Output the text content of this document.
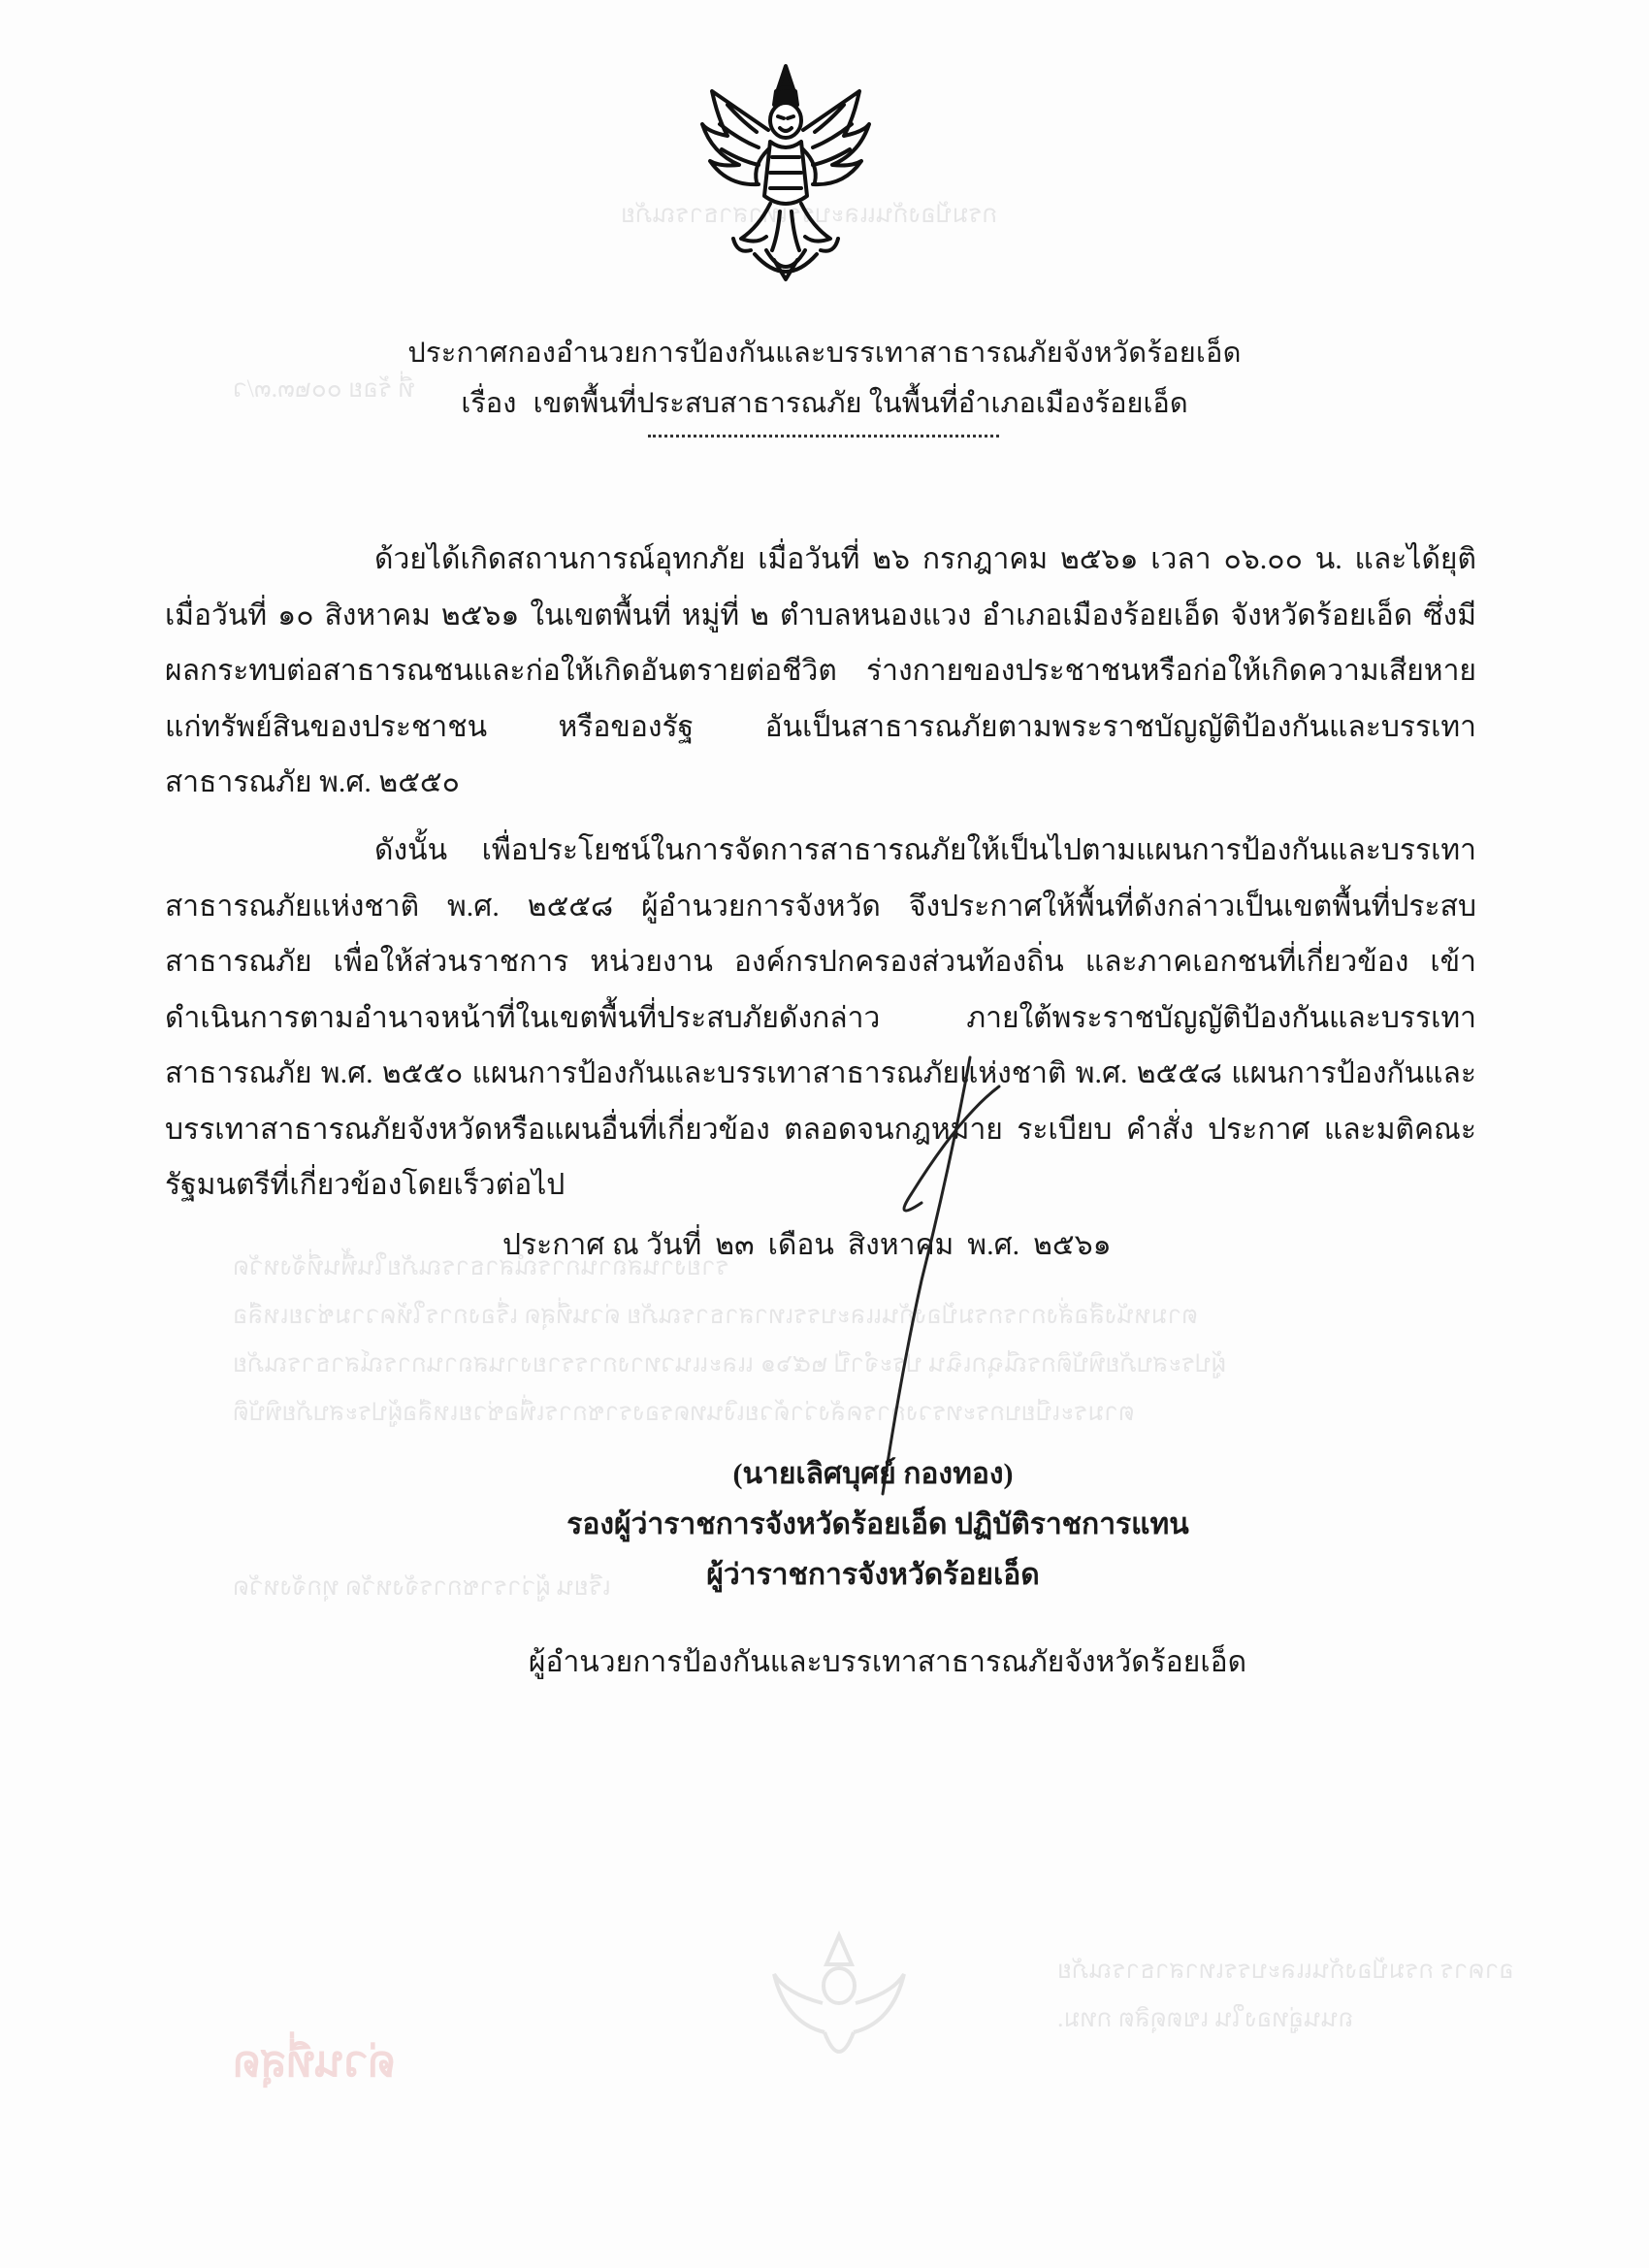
กรมป้องกันและบรรเทาสาธารณภัย
ที่ ร้อย ๐๐๒๓.๓/ว
รายงานสถานการณ์สาธารณภัยในพื้นที่จังหวัด
ตามหนังสือสั่งการกรมป้องกันและบรรเทาสาธารณภัย ด่วนที่สุด เรื่องการให้ความช่วยเหลือ
ผู้ประสบภัยพิบัติกรณีฉุกเฉิน ประจำปี ๒๕๖๑ และแนวทางการรายงานสถานการณ์สาธารณภัย
ตามระเบียบกระทรวงการคลังว่าด้วยเงินทดรองราชการเพื่อช่วยเหลือผู้ประสบภัยพิบัติ
เรียน ผู้ว่าราชการจังหวัด ทุกจังหวัด
อาคาร กรมป้องกันและบรรเทาสาธารณภัย
ถนนอู่ทองใน เขตดุสิต กทม.
ด่วนที่สุด
ประกาศกองอำนวยการป้องกันและบรรเทาสาธารณภัยจังหวัดร้อยเอ็ด
เรื่อง เขตพื้นที่ประสบสาธารณภัย ในพื้นที่อำเภอเมืองร้อยเอ็ด
ด้วยได้เกิดสถานการณ์อุทกภัย เมื่อวันที่ ๒๖ กรกฎาคม ๒๕๖๑ เวลา ๐๖.๐๐ น. และได้ยุติเมื่อวันที่ ๑๐ สิงหาคม ๒๕๖๑ ในเขตพื้นที่ หมู่ที่ ๒ ตำบลหนองแวง อำเภอเมืองร้อยเอ็ด จังหวัดร้อยเอ็ด ซึ่งมีผลกระทบต่อสาธารณชนและก่อให้เกิดอันตรายต่อชีวิต ร่างกายของประชาชนหรือก่อให้เกิดความเสียหายแก่ทรัพย์สินของประชาชน หรือของรัฐ อันเป็นสาธารณภัยตามพระราชบัญญัติป้องกันและบรรเทาสาธารณภัย พ.ศ. ๒๕๕๐
ดังนั้น เพื่อประโยชน์ในการจัดการสาธารณภัยให้เป็นไปตามแผนการป้องกันและบรรเทาสาธารณภัยแห่งชาติ พ.ศ. ๒๕๕๘ ผู้อำนวยการจังหวัด จึงประกาศให้พื้นที่ดังกล่าวเป็นเขตพื้นที่ประสบสาธารณภัย เพื่อให้ส่วนราชการ หน่วยงาน องค์กรปกครองส่วนท้องถิ่น และภาคเอกชนที่เกี่ยวข้อง เข้าดำเนินการตามอำนาจหน้าที่ในเขตพื้นที่ประสบภัยดังกล่าว ภายใต้พระราชบัญญัติป้องกันและบรรเทาสาธารณภัย พ.ศ. ๒๕๕๐ แผนการป้องกันและบรรเทาสาธารณภัยแห่งชาติ พ.ศ. ๒๕๕๘ แผนการป้องกันและบรรเทาสาธารณภัยจังหวัดหรือแผนอื่นที่เกี่ยวข้อง ตลอดจนกฎหมาย ระเบียบ คำสั่ง ประกาศ และมติคณะรัฐมนตรีที่เกี่ยวข้องโดยเร็วต่อไป
ประกาศ ณ วันที่ ๒๓ เดือน สิงหาคม พ.ศ. ๒๕๖๑
(นายเลิศบุศย์ กองทอง)
รองผู้ว่าราชการจังหวัดร้อยเอ็ด ปฏิบัติราชการแทน
ผู้ว่าราชการจังหวัดร้อยเอ็ด
ผู้อำนวยการป้องกันและบรรเทาสาธารณภัยจังหวัดร้อยเอ็ด
